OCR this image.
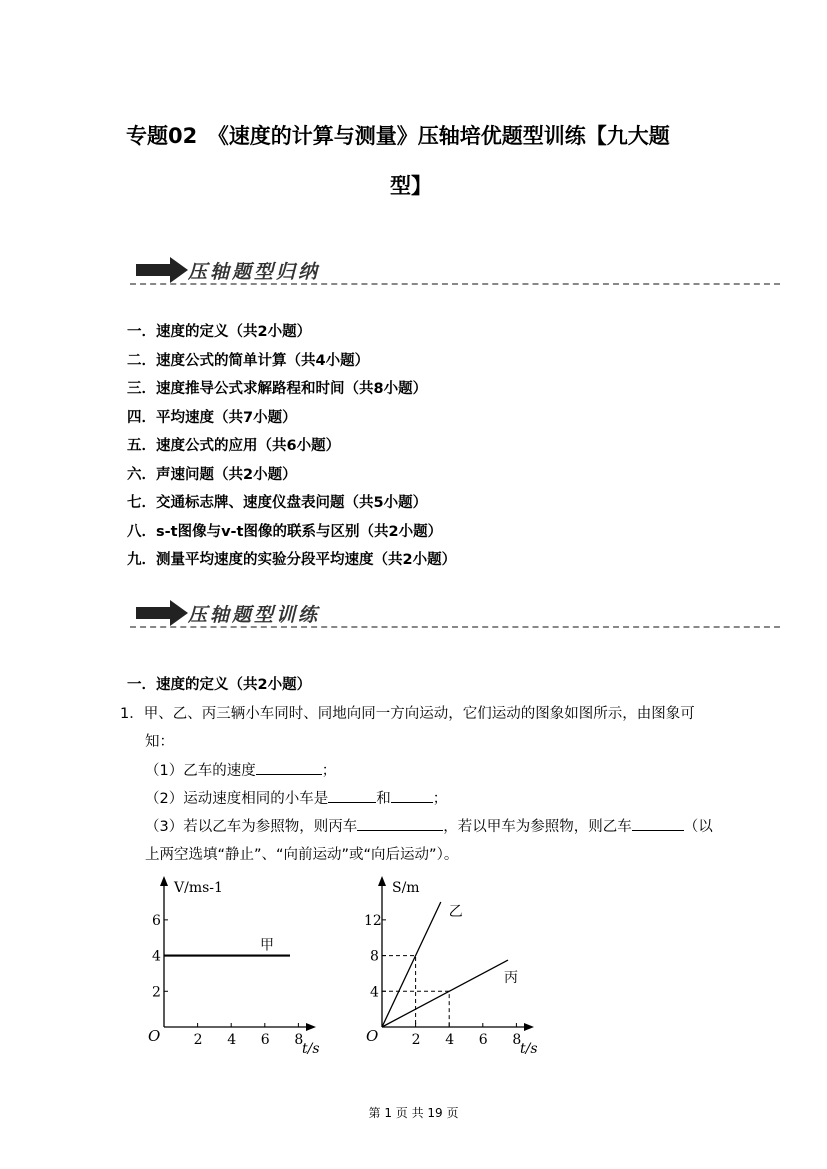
专题02　《速度的计算与测量》压轴培优题型训练【九大题
型】
压轴题型归纳
一．速度的定义（共2小题）
二．速度公式的简单计算（共4小题）
三．速度推导公式求解路程和时间（共8小题）
四．平均速度（共7小题）
五．速度公式的应用（共6小题）
六．声速问题（共2小题）
七．交通标志牌、速度仪盘表问题（共5小题）
八．s-t图像与v-t图像的联系与区别（共2小题）
九．测量平均速度的实验分段平均速度（共2小题）
压轴题型训练
一．速度的定义（共2小题）
1．甲、乙、丙三辆小车同时、同地向同一方向运动，它们运动的图象如图所示，由图象可
知：
（1）乙车的速度	；
（2）运动速度相同的小车是	和	；
（3）若以乙车为参照物，则丙车	，若以甲车为参照物，则乙车	（以
上两空选填“静止”、“向前运动”或“向后运动”）。
O
V/ms-1
t/s
2 4 6 8
2
4
6
甲
O
S/m
t/s
2 4 6 8
4
8
12
乙
丙
第 1 页 共 19 页
